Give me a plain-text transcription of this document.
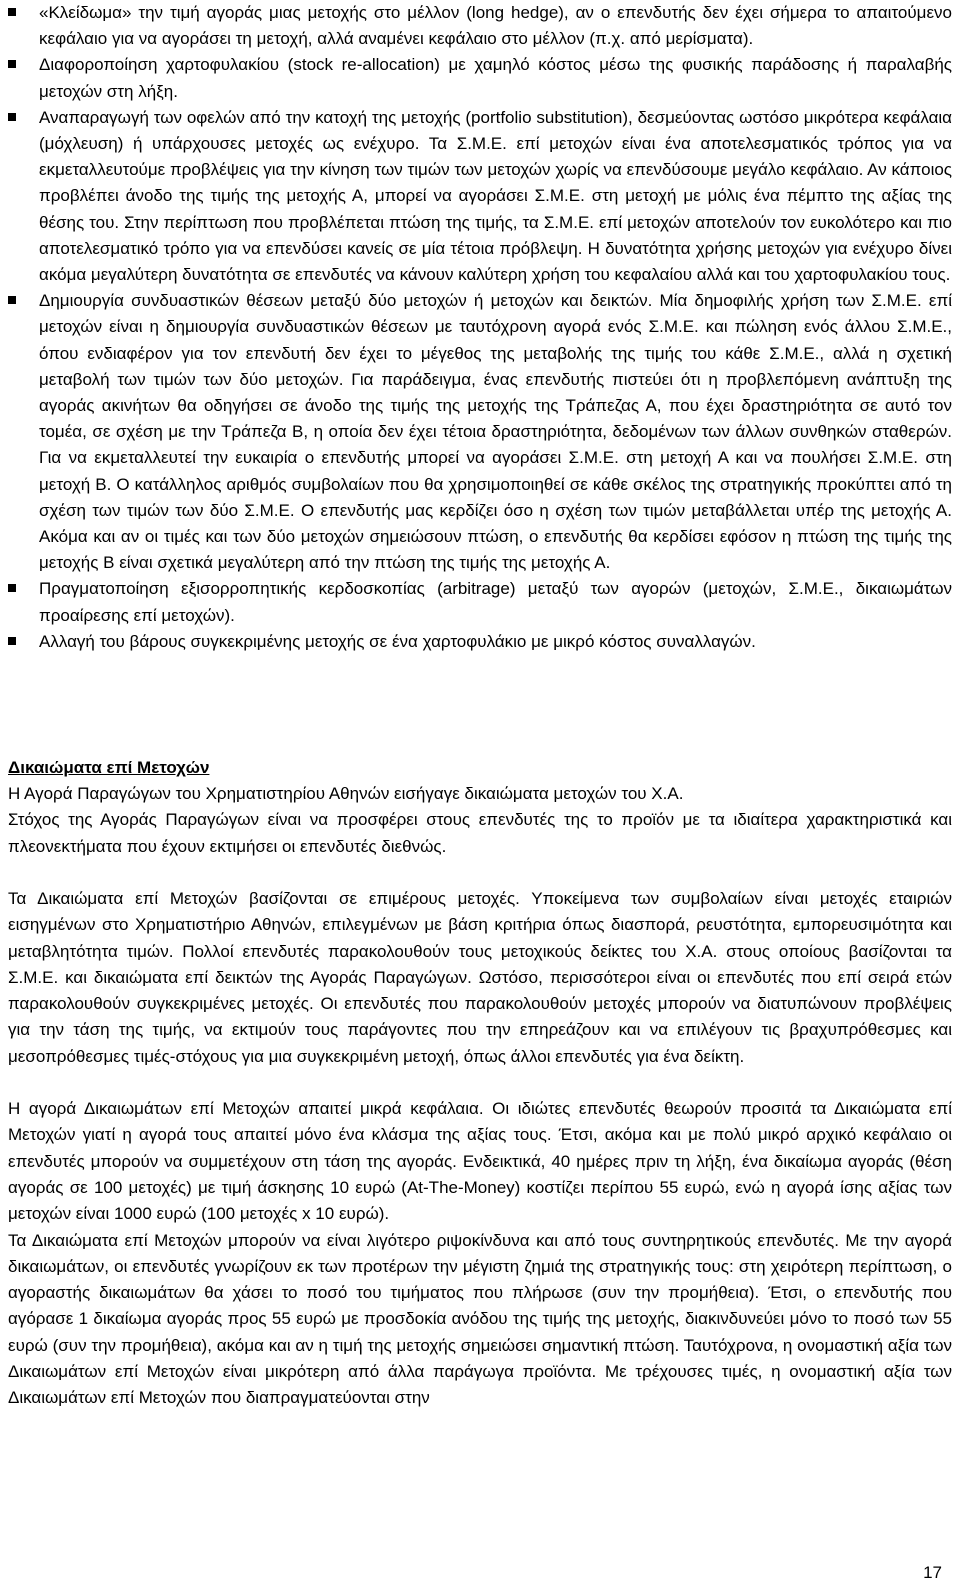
«Κλείδωμα» την τιμή αγοράς μιας μετοχής στο μέλλον (long hedge), αν ο επενδυτής δεν έχει σήμερα το απαιτούμενο κεφάλαιο για να αγοράσει τη μετοχή, αλλά αναμένει κεφάλαιο στο μέλλον (π.χ. από μερίσματα).
Διαφοροποίηση χαρτοφυλακίου (stock re-allocation) με χαμηλό κόστος μέσω της φυσικής παράδοσης ή παραλαβής μετοχών στη λήξη.
Αναπαραγωγή των οφελών από την κατοχή της μετοχής (portfolio substitution), δεσμεύοντας ωστόσο μικρότερα κεφάλαια (μόχλευση) ή υπάρχουσες μετοχές ως ενέχυρο. Τα Σ.Μ.Ε. επί μετοχών είναι ένα αποτελεσματικός τρόπος για να εκμεταλλευτούμε προβλέψεις για την κίνηση των τιμών των μετοχών χωρίς να επενδύσουμε μεγάλο κεφάλαιο. Αν κάποιος προβλέπει άνοδο της τιμής της μετοχής Α, μπορεί να αγοράσει Σ.Μ.Ε. στη μετοχή με μόλις ένα πέμπτο της αξίας της θέσης του. Στην περίπτωση που προβλέπεται πτώση της τιμής, τα Σ.Μ.Ε. επί μετοχών αποτελούν τον ευκολότερο και πιο αποτελεσματικό τρόπο για να επενδύσει κανείς σε μία τέτοια πρόβλεψη. Η δυνατότητα χρήσης μετοχών για ενέχυρο δίνει ακόμα μεγαλύτερη δυνατότητα σε επενδυτές να κάνουν καλύτερη χρήση του κεφαλαίου αλλά και του χαρτοφυλακίου τους.
Δημιουργία συνδυαστικών θέσεων μεταξύ δύο μετοχών ή μετοχών και δεικτών. Μία δημοφιλής χρήση των Σ.Μ.Ε. επί μετοχών είναι η δημιουργία συνδυαστικών θέσεων με ταυτόχρονη αγορά ενός Σ.Μ.Ε. και πώληση ενός άλλου Σ.Μ.Ε., όπου ενδιαφέρον για τον επενδυτή δεν έχει το μέγεθος της μεταβολής της τιμής του κάθε Σ.Μ.Ε., αλλά η σχετική μεταβολή των τιμών των δύο μετοχών. Για παράδειγμα, ένας επενδυτής πιστεύει ότι η προβλεπόμενη ανάπτυξη της αγοράς ακινήτων θα οδηγήσει σε άνοδο της τιμής της μετοχής της Τράπεζας Α, που έχει δραστηριότητα σε αυτό τον τομέα, σε σχέση με την Τράπεζα Β, η οποία δεν έχει τέτοια δραστηριότητα, δεδομένων των άλλων συνθηκών σταθερών. Για να εκμεταλλευτεί την ευκαιρία ο επενδυτής μπορεί να αγοράσει Σ.Μ.Ε. στη μετοχή Α και να πουλήσει Σ.Μ.Ε. στη μετοχή Β. Ο κατάλληλος αριθμός συμβολαίων που θα χρησιμοποιηθεί σε κάθε σκέλος της στρατηγικής προκύπτει από τη σχέση των τιμών των δύο Σ.Μ.Ε. Ο επενδυτής μας κερδίζει όσο η σχέση των τιμών μεταβάλλεται υπέρ της μετοχής Α. Ακόμα και αν οι τιμές και των δύο μετοχών σημειώσουν πτώση, ο επενδυτής θα κερδίσει εφόσον η πτώση της τιμής της μετοχής Β είναι σχετικά μεγαλύτερη από την πτώση της τιμής της μετοχής Α.
Πραγματοποίηση εξισορροπητικής κερδοσκοπίας (arbitrage) μεταξύ των αγορών (μετοχών, Σ.Μ.Ε., δικαιωμάτων προαίρεσης επί μετοχών).
Αλλαγή του βάρους συγκεκριμένης μετοχής σε ένα χαρτοφυλάκιο με μικρό κόστος συναλλαγών.

Δικαιώματα επί Μετοχών

Η Αγορά Παραγώγων του Χρηματιστηρίου Αθηνών εισήγαγε δικαιώματα μετοχών του Χ.Α.

Στόχος της Αγοράς Παραγώγων είναι να προσφέρει στους επενδυτές της το προϊόν με τα ιδιαίτερα χαρακτηριστικά και πλεονεκτήματα που έχουν εκτιμήσει οι επενδυτές διεθνώς.

Τα Δικαιώματα επί Μετοχών βασίζονται σε επιμέρους μετοχές. Υποκείμενα των συμβολαίων είναι μετοχές εταιριών εισηγμένων στο Χρηματιστήριο Αθηνών, επιλεγμένων με βάση κριτήρια όπως διασπορά, ρευστότητα, εμπορευσιμότητα και μεταβλητότητα τιμών. Πολλοί επενδυτές παρακολουθούν τους μετοχικούς δείκτες του Χ.Α. στους οποίους βασίζονται τα Σ.Μ.Ε. και δικαιώματα επί δεικτών της Αγοράς Παραγώγων. Ωστόσο, περισσότεροι είναι οι επενδυτές που επί σειρά ετών παρακολουθούν συγκεκριμένες μετοχές. Οι επενδυτές που παρακολουθούν μετοχές μπορούν να διατυπώνουν προβλέψεις για την τάση της τιμής, να εκτιμούν τους παράγοντες που την επηρεάζουν και να επιλέγουν τις βραχυπρόθεσμες και μεσοπρόθεσμες τιμές-στόχους για μια συγκεκριμένη μετοχή, όπως άλλοι επενδυτές για ένα δείκτη.

Η αγορά Δικαιωμάτων επί Μετοχών απαιτεί μικρά κεφάλαια. Οι ιδιώτες επενδυτές θεωρούν προσιτά τα Δικαιώματα επί Μετοχών γιατί η αγορά τους απαιτεί μόνο ένα κλάσμα της αξίας τους. Έτσι, ακόμα και με πολύ μικρό αρχικό κεφάλαιο οι επενδυτές μπορούν να συμμετέχουν στη τάση της αγοράς. Ενδεικτικά, 40 ημέρες πριν τη λήξη, ένα δικαίωμα αγοράς (θέση αγοράς σε 100 μετοχές) με τιμή άσκησης 10 ευρώ (At-The-Money) κοστίζει περίπου 55 ευρώ, ενώ η αγορά ίσης αξίας των μετοχών είναι 1000 ευρώ (100 μετοχές x 10 ευρώ).

Τα Δικαιώματα επί Μετοχών μπορούν να είναι λιγότερο ριψοκίνδυνα και από τους συντηρητικούς επενδυτές. Με την αγορά δικαιωμάτων, οι επενδυτές γνωρίζουν εκ των προτέρων την μέγιστη ζημιά της στρατηγικής τους: στη χειρότερη περίπτωση, ο αγοραστής δικαιωμάτων θα χάσει το ποσό του τιμήματος που πλήρωσε (συν την προμήθεια). Έτσι, ο επενδυτής που αγόρασε 1 δικαίωμα αγοράς προς 55 ευρώ με προσδοκία ανόδου της τιμής της μετοχής, διακινδυνεύει μόνο το ποσό των 55 ευρώ (συν την προμήθεια), ακόμα και αν η τιμή της μετοχής σημειώσει σημαντική πτώση. Ταυτόχρονα, η ονομαστική αξία των Δικαιωμάτων επί Μετοχών είναι μικρότερη από άλλα παράγωγα προϊόντα. Με τρέχουσες τιμές, η ονομαστική αξία των Δικαιωμάτων επί Μετοχών που διαπραγματεύονται στην

17
